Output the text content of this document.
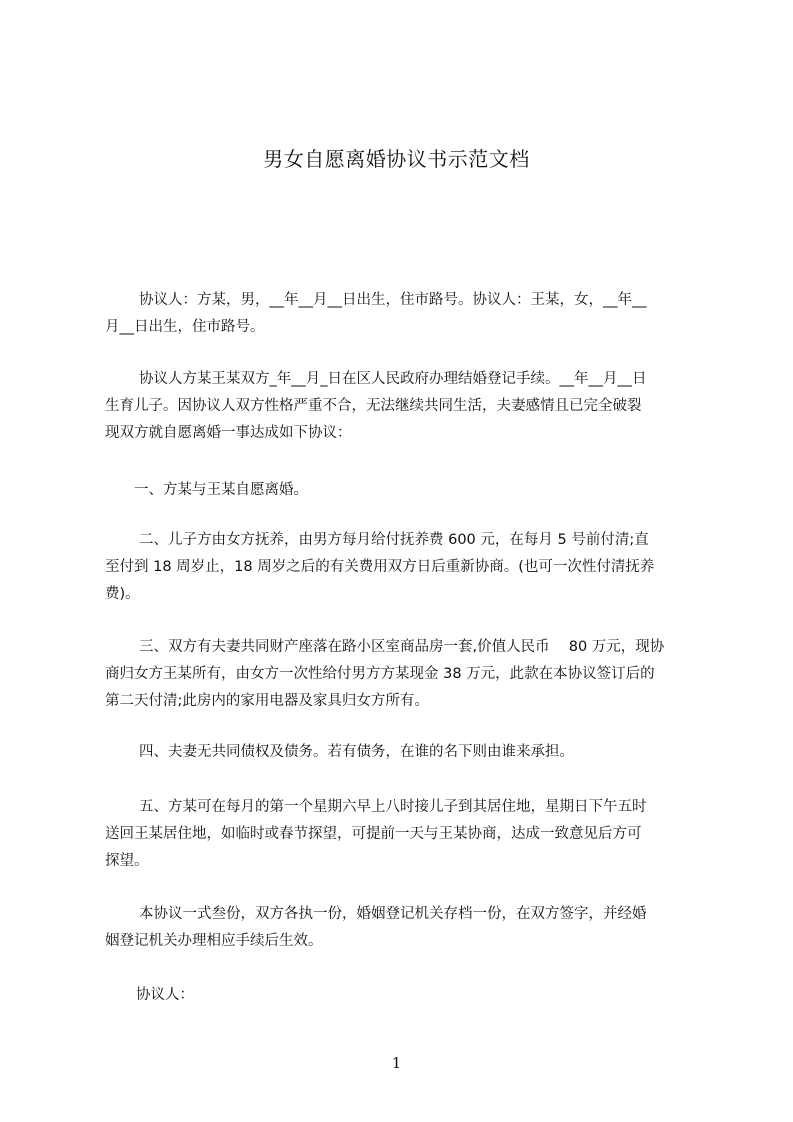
男女自愿离婚协议书示范文档
协议人：方某，男，__年__月__日出生，住市路号。协议人：王某，女，__年__
月__日出生，住市路号。
协议人方某王某双方_年__月_日在区人民政府办理结婚登记手续。__年__月__日
生育儿子。因协议人双方性格严重不合，无法继续共同生活，夫妻感情且已完全破裂
现双方就自愿离婚一事达成如下协议：
一、方某与王某自愿离婚。
二、儿子方由女方抚养，由男方每月给付抚养费 600 元，在每月 5 号前付清;直
至付到 18 周岁止，18 周岁之后的有关费用双方日后重新协商。(也可一次性付清抚养
费)。
三、双方有夫妻共同财产座落在路小区室商品房一套,价值人民币　 80 万元，现协
商归女方王某所有，由女方一次性给付男方方某现金 38 万元，此款在本协议签订后的
第二天付清;此房内的家用电器及家具归女方所有。
四、夫妻无共同债权及债务。若有债务，在谁的名下则由谁来承担。
五、方某可在每月的第一个星期六早上八时接儿子到其居住地，星期日下午五时
送回王某居住地，如临时或春节探望，可提前一天与王某协商，达成一致意见后方可
探望。
本协议一式叁份，双方各执一份，婚姻登记机关存档一份，在双方签字，并经婚
姻登记机关办理相应手续后生效。
协议人：
1
